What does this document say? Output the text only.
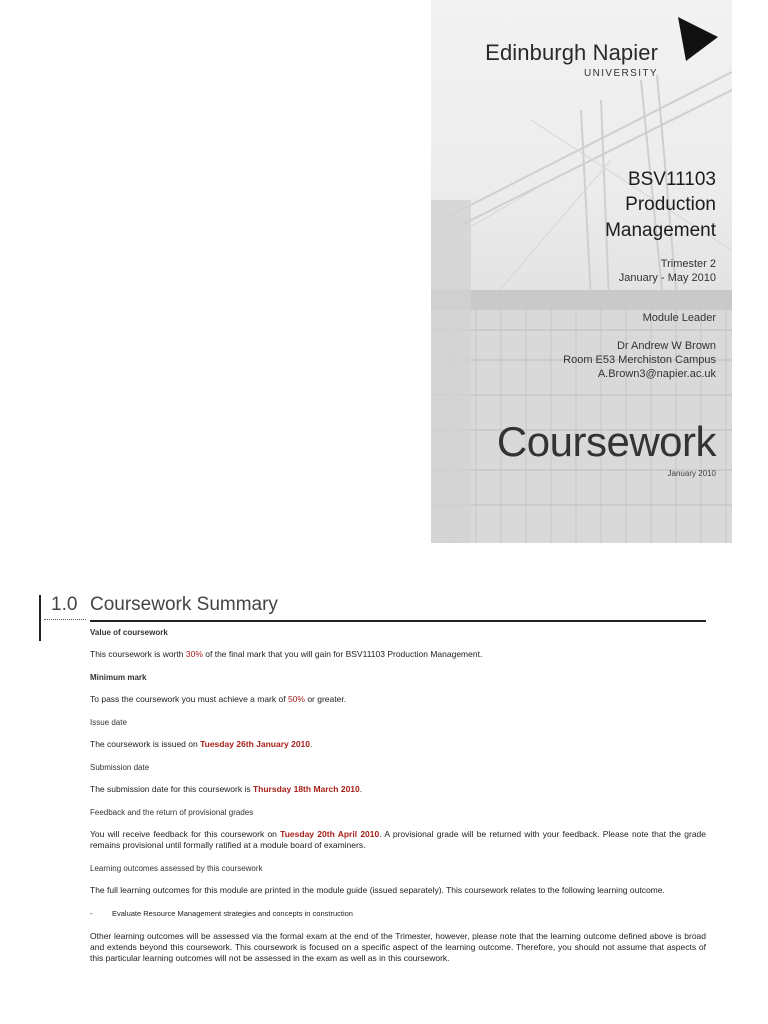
Edinburgh Napier
UNIVERSITY
BSV11103
Production
Management
Trimester 2
January - May 2010
Module Leader
Dr Andrew W Brown
Room E53 Merchiston Campus
A.Brown3@napier.ac.uk
Coursework
January 2010
1.0 Coursework Summary
Value of coursework
This coursework is worth 30% of the final mark that you will gain for BSV11103 Production Management.
Minimum mark
To pass the coursework you must achieve a mark of 50% or greater.
Issue date
The coursework is issued on Tuesday 26th January 2010.
Submission date
The submission date for this coursework is Thursday 18th March 2010.
Feedback and the return of provisional grades
You will receive feedback for this coursework on Tuesday 20th April 2010. A provisional grade will be returned with your feedback. Please note that the grade remains provisional until formally ratified at a module board of examiners.
Learning outcomes assessed by this coursework
The full learning outcomes for this module are printed in the module guide (issued separately). This coursework relates to the following learning outcome.
-	Evaluate Resource Management strategies and concepts in construction
Other learning outcomes will be assessed via the formal exam at the end of the Trimester, however, please note that the learning outcome defined above is broad and extends beyond this coursework. This coursework is focused on a specific aspect of the learning outcome. Therefore, you should not assume that aspects of this particular learning outcomes will not be assessed in the exam as well as in this coursework.
